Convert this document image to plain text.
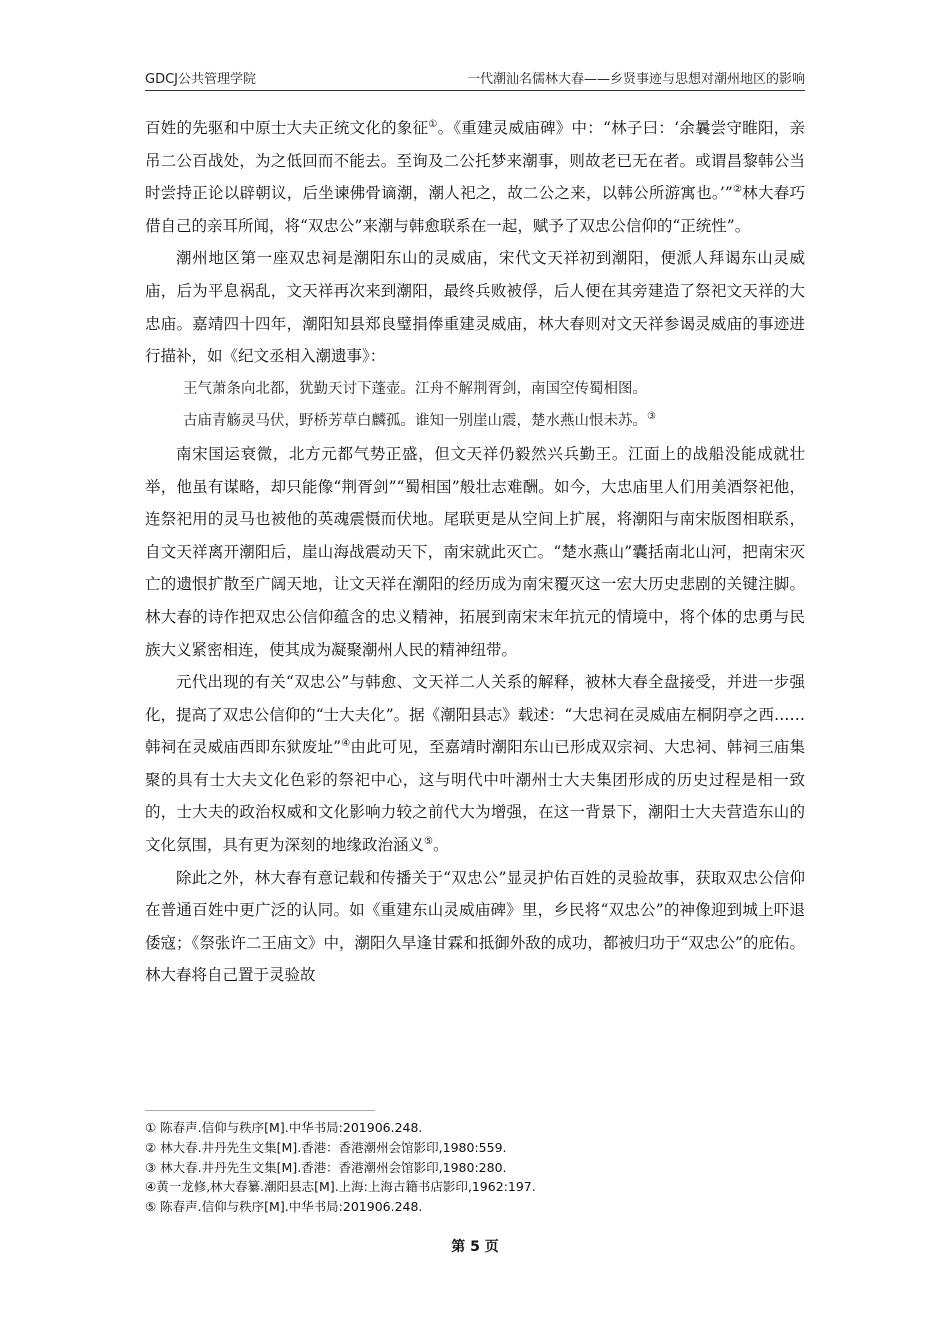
GDCJ公共管理学院	一代潮汕名儒林大春——乡贤事迹与思想对潮州地区的影响

百姓的先驱和中原士大夫正统文化的象征①。《重建灵威庙碑》中：“林子曰：‘余曩尝守睢阳，亲吊二公百战处，为之低回而不能去。至询及二公托梦来潮事，则故老已无在者。或谓昌黎韩公当时尝持正论以辟朝议，后坐谏佛骨谪潮，潮人祀之，故二公之来，以韩公所游寓也。’”②林大春巧借自己的亲耳所闻，将“双忠公”来潮与韩愈联系在一起，赋予了双忠公信仰的“正统性”。

潮州地区第一座双忠祠是潮阳东山的灵威庙，宋代文天祥初到潮阳，便派人拜谒东山灵威庙，后为平息祸乱，文天祥再次来到潮阳，最终兵败被俘，后人便在其旁建造了祭祀文天祥的大忠庙。嘉靖四十四年，潮阳知县郑良璧捐俸重建灵威庙，林大春则对文天祥参谒灵威庙的事迹进行描补，如《纪文丞相入潮遗事》：

王气萧条向北都，犹勤天讨下蓬壶。江舟不解荆胥剑，南国空传蜀相图。

古庙青觞灵马伏，野桥芳草白麟孤。谁知一别崖山震，楚水燕山恨未苏。③

南宋国运衰微，北方元都气势正盛，但文天祥仍毅然兴兵勤王。江面上的战船没能成就壮举，他虽有谋略，却只能像“荆胥剑”“蜀相国”般壮志难酬。如今，大忠庙里人们用美酒祭祀他，连祭祀用的灵马也被他的英魂震慑而伏地。尾联更是从空间上扩展，将潮阳与南宋版图相联系，自文天祥离开潮阳后，崖山海战震动天下，南宋就此灭亡。“楚水燕山”囊括南北山河，把南宋灭亡的遗恨扩散至广阔天地，让文天祥在潮阳的经历成为南宋覆灭这一宏大历史悲剧的关键注脚。林大春的诗作把双忠公信仰蕴含的忠义精神，拓展到南宋末年抗元的情境中，将个体的忠勇与民族大义紧密相连，使其成为凝聚潮州人民的精神纽带。

元代出现的有关“双忠公”与韩愈、文天祥二人关系的解释，被林大春全盘接受，并进一步强化，提高了双忠公信仰的“士大夫化”。据《潮阳县志》载述：“大忠祠在灵威庙左桐阴亭之西……韩祠在灵威庙西即东狱废址”④由此可见，至嘉靖时潮阳东山已形成双宗祠、大忠祠、韩祠三庙集聚的具有士大夫文化色彩的祭祀中心，这与明代中叶潮州士大夫集团形成的历史过程是相一致的，士大夫的政治权威和文化影响力较之前代大为增强，在这一背景下，潮阳士大夫营造东山的文化氛围，具有更为深刻的地缘政治涵义⑤。

除此之外，林大春有意记载和传播关于“双忠公”显灵护佑百姓的灵验故事，获取双忠公信仰在普通百姓中更广泛的认同。如《重建东山灵威庙碑》里，乡民将“双忠公”的神像迎到城上吓退倭寇；《祭张许二王庙文》中，潮阳久旱逢甘霖和抵御外敌的成功，都被归功于“双忠公”的庇佑。林大春将自己置于灵验故

① 陈春声.信仰与秩序[M].中华书局:201906.248.
② 林大春.井丹先生文集[M].香港：香港潮州会馆影印,1980:559.
③ 林大春.井丹先生文集[M].香港：香港潮州会馆影印,1980:280.
④黄一龙修,林大春纂.潮阳县志[M].上海:上海古籍书店影印,1962:197.
⑤ 陈春声.信仰与秩序[M].中华书局:201906.248.
第 5 页
